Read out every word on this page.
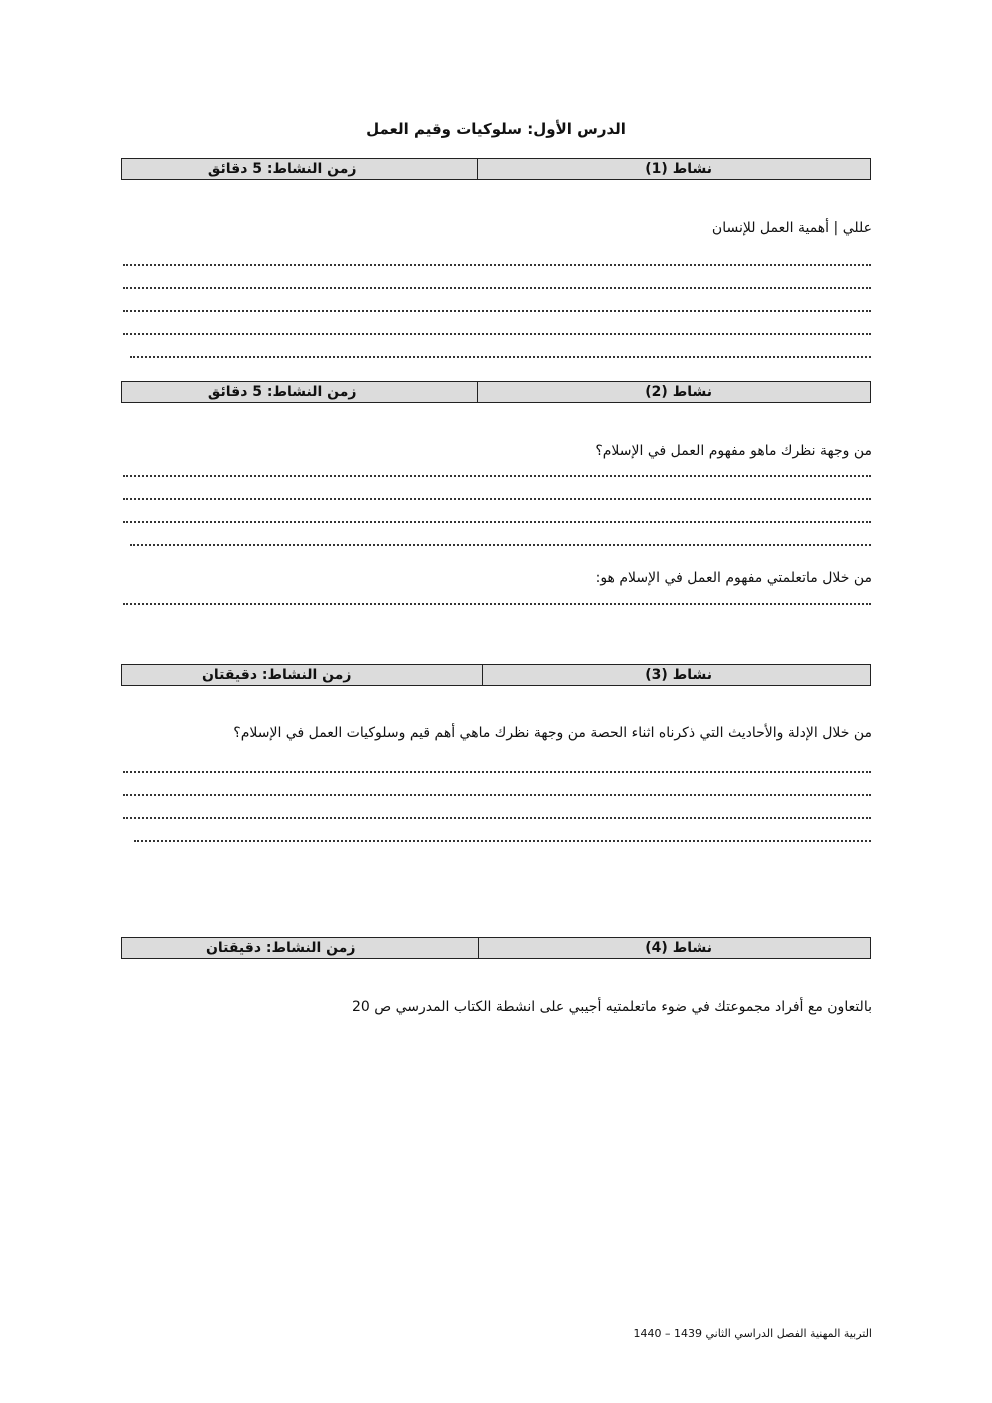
الدرس الأول: سلوكيات وقيم العمل
نشاط (1)
زمن النشاط: 5 دقائق
عللي | أهمية العمل للإنسان
نشاط (2)
زمن النشاط: 5 دقائق
من وجهة نظرك ماهو مفهوم العمل في الإسلام؟
من خلال ماتعلمتي مفهوم العمل في الإسلام هو:
نشاط (3)
زمن النشاط: دقيقتان
من خلال الإدلة والأحاديث التي ذكرناه اثناء الحصة من وجهة نظرك ماهي أهم قيم وسلوكيات العمل في الإسلام؟
نشاط (4)
زمن النشاط: دقيقتان
بالتعاون مع أفراد مجموعتك في ضوء ماتعلمتيه أجيبي على انشطة الكتاب المدرسي ص 20
التربية المهنية الفصل الدراسي الثاني 1439 – 1440
